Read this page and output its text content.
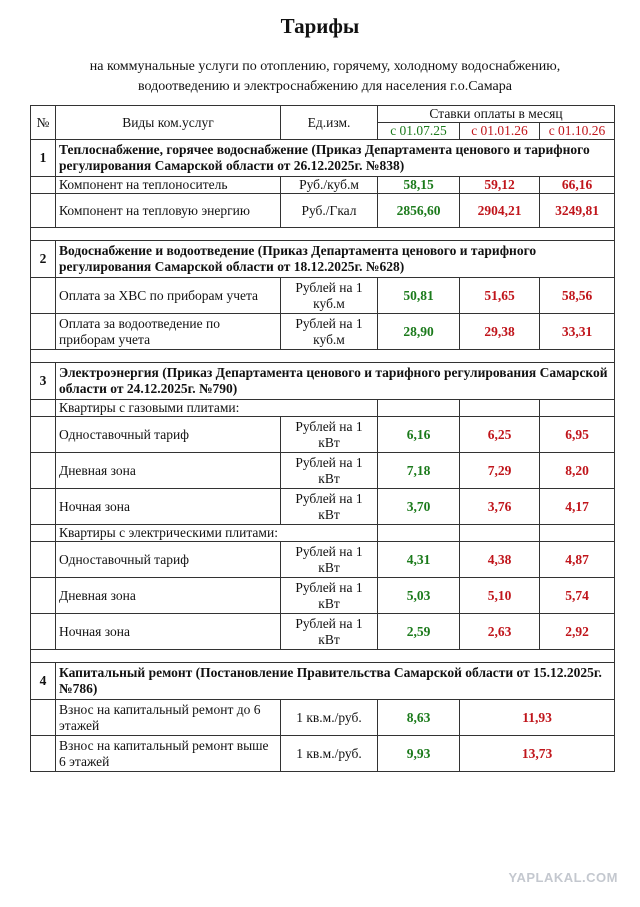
Тарифы
на коммунальные услуги по отоплению, горячему, холодному водоснабжению,
водоотведению и электроснабжению для населения г.о.Самара
№	Виды ком.услуг	Ед.изм.	Ставки оплаты в месяц		
			с 01.07.25	с 01.01.26	с 01.10.26
1	Теплоснабжение, горячее водоснабжение (Приказ Департамента ценового и тарифного регулирования Самарской области от 26.12.2025г. №838)				
	Компонент на теплоноситель	Руб./куб.м	58,15	59,12	66,16
	Компонент на тепловую энергию	Руб./Гкал	2856,60	2904,21	3249,81

2	Водоснабжение и водоотведение (Приказ Департамента ценового и тарифного регулирования Самарской области от 18.12.2025г. №628)				
	Оплата за ХВС по приборам учета	Рублей на 1 куб.м	50,81	51,65	58,56
	Оплата за водоотведение по приборам учета	Рублей на 1 куб.м	28,90	29,38	33,31

3	Электроэнергия (Приказ Департамента ценового и тарифного регулирования Самарской области от 24.12.2025г. №790)				
	Квартиры с газовыми плитами:				
	Одноставочный тариф	Рублей на 1 кВт	6,16	6,25	6,95
	Дневная зона	Рублей на 1 кВт	7,18	7,29	8,20
	Ночная зона	Рублей на 1 кВт	3,70	3,76	4,17
	Квартиры с электрическими плитами:				
	Одноставочный тариф	Рублей на 1 кВт	4,31	4,38	4,87
	Дневная зона	Рублей на 1 кВт	5,03	5,10	5,74
	Ночная зона	Рублей на 1 кВт	2,59	2,63	2,92

4	Капитальный ремонт (Постановление Правительства Самарской области от 15.12.2025г. №786)				
	Взнос на капитальный ремонт до 6 этажей	1 кв.м./руб.	8,63	11,93	
	Взнос на капитальный ремонт выше 6 этажей	1 кв.м./руб.	9,93	13,73	
YAPLAKAL.COM
